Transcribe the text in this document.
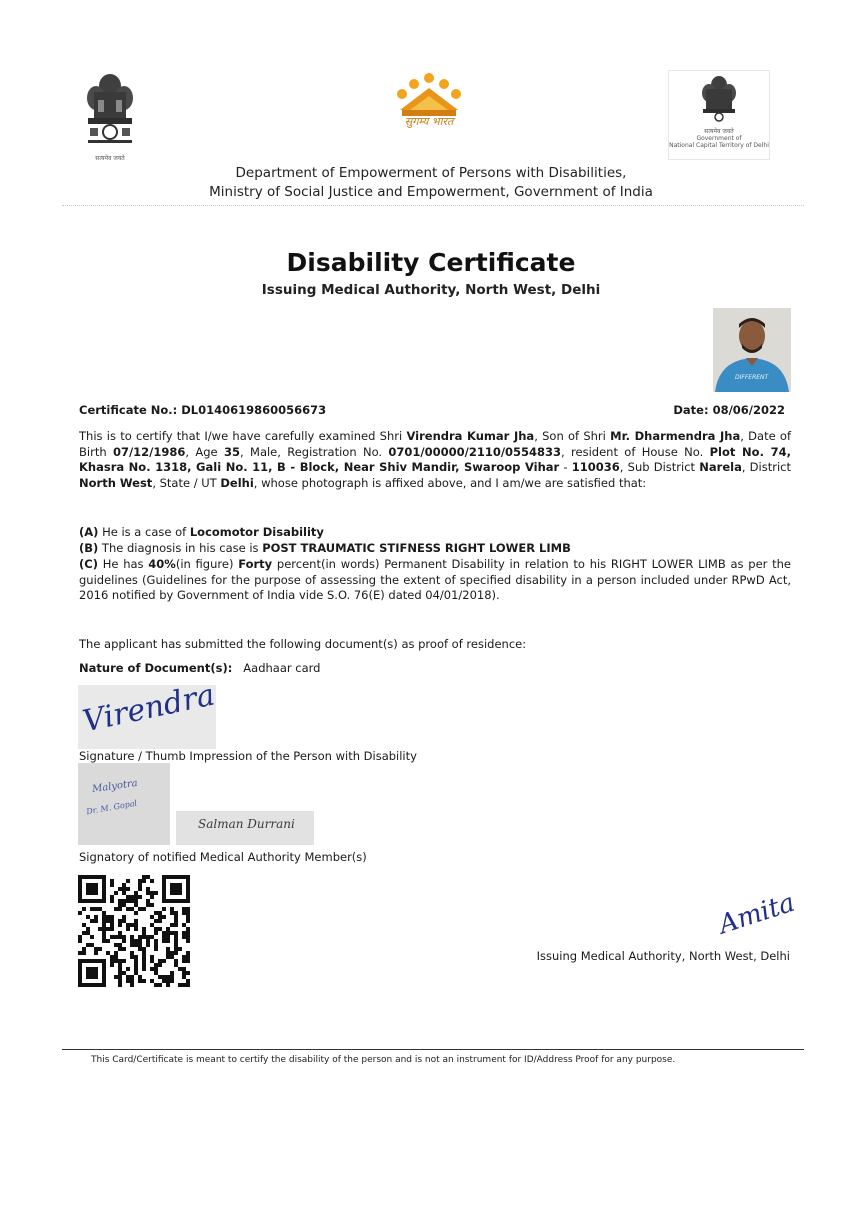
सत्यमेव जयते
सुगम्य भारत
सत्यमेव जयते
Government of
National Capital Territory of Delhi
Department of Empowerment of Persons with Disabilities,
Ministry of Social Justice and Empowerment, Government of India
Disability Certificate
Issuing Medical Authority, North West, Delhi
DIFFERENT
Certificate No.: DL0140619860056673	Date: 08/06/2022
This is to certify that I/we have carefully examined Shri Virendra Kumar Jha, Son of Shri Mr. Dharmendra Jha, Date of Birth 07/12/1986, Age 35, Male, Registration No. 0701/00000/2110/0554833, resident of House No. Plot No. 74, Khasra No. 1318, Gali No. 11, B - Block, Near Shiv Mandir, Swaroop Vihar - 110036, Sub District Narela, District North West, State / UT Delhi, whose photograph is affixed above, and I am/we are satisfied that:
(A) He is a case of Locomotor Disability
(B) The diagnosis in his case is POST TRAUMATIC STIFNESS RIGHT LOWER LIMB
(C) He has 40%(in figure) Forty percent(in words) Permanent Disability in relation to his RIGHT LOWER LIMB as per the guidelines (Guidelines for the purpose of assessing the extent of specified disability in a person included under RPwD Act, 2016 notified by Government of India vide S.O. 76(E) dated 04/01/2018).
The applicant has submitted the following document(s) as proof of residence:
Nature of Document(s): Aadhaar card
Virendra
Signature / Thumb Impression of the Person with Disability
Malyotra
Dr. M. Gopal
Salman Durrani
Signatory of notified Medical Authority Member(s)
Amita
Issuing Medical Authority, North West, Delhi
This Card/Certificate is meant to certify the disability of the person and is not an instrument for ID/Address Proof for any purpose.
